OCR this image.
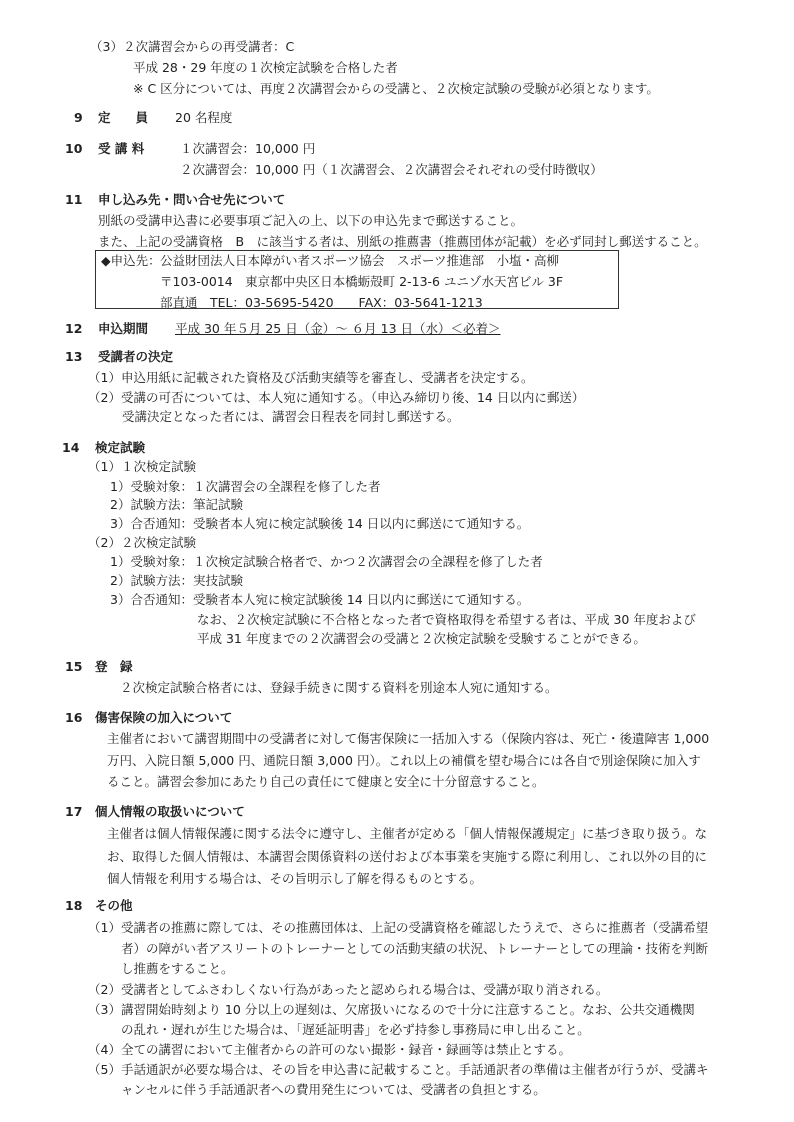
（3）２次講習会からの再受講者：C
平成 28・29 年度の１次検定試験を合格した者
※ C 区分については、再度２次講習会からの受講と、２次検定試験の受験が必須となります。
9 定　　員 20 名程度
10 受 講 料	１次講習会：10,000 円
２次講習会：10,000 円（１次講習会、２次講習会それぞれの受付時徴収）
11 申し込み先・問い合せ先について
別紙の受講申込書に必要事項ご記入の上、以下の申込先まで郵送すること。
また、上記の受講資格　B　に該当する者は、別紙の推薦書（推薦団体が記載）を必ず同封し郵送すること。
◆申込先： 公益財団法人日本障がい者スポーツ協会　スポーツ推進部　小塩・高柳
〒103-0014　東京都中央区日本橋蛎殻町 2-13-6 ユニゾ水天宮ビル 3F
部直通　TEL：03-5695-5420　　FAX：03-5641-1213
12 申込期間 平成 30 年５月 25 日（金）～ ６月 13 日（水）＜必着＞
13 受講者の決定
（1）申込用紙に記載された資格及び活動実績等を審査し、受講者を決定する。
（2）受講の可否については、本人宛に通知する。（申込み締切り後、14 日以内に郵送）
受講決定となった者には、講習会日程表を同封し郵送する。
14 検定試験
（1）１次検定試験
1）受験対象：１次講習会の全課程を修了した者
2）試験方法：筆記試験
3）合否通知：受験者本人宛に検定試験後 14 日以内に郵送にて通知する。
（2）２次検定試験
1）受験対象：１次検定試験合格者で、かつ２次講習会の全課程を修了した者
2）試験方法：実技試験
3）合否通知：受験者本人宛に検定試験後 14 日以内に郵送にて通知する。
なお、２次検定試験に不合格となった者で資格取得を希望する者は、平成 30 年度および
平成 31 年度までの２次講習会の受講と２次検定試験を受験することができる。
15 登　録
２次検定試験合格者には、登録手続きに関する資料を別途本人宛に通知する。
16 傷害保険の加入について
主催者において講習期間中の受講者に対して傷害保険に一括加入する（保険内容は、死亡・後遺障害 1,000
万円、入院日額 5,000 円、通院日額 3,000 円）。これ以上の補償を望む場合には各自で別途保険に加入す
ること。講習会参加にあたり自己の責任にて健康と安全に十分留意すること。
17 個人情報の取扱いについて
主催者は個人情報保護に関する法令に遵守し、主催者が定める「個人情報保護規定」に基づき取り扱う。な
お、取得した個人情報は、本講習会関係資料の送付および本事業を実施する際に利用し、これ以外の目的に
個人情報を利用する場合は、その旨明示し了解を得るものとする。
18 その他
（1）受講者の推薦に際しては、その推薦団体は、上記の受講資格を確認したうえで、さらに推薦者（受講希望
者）の障がい者アスリートのトレーナーとしての活動実績の状況、トレーナーとしての理論・技術を判断
し推薦をすること。
（2）受講者としてふさわしくない行為があったと認められる場合は、受講が取り消される。
（3）講習開始時刻より 10 分以上の遅刻は、欠席扱いになるので十分に注意すること。なお、公共交通機関
の乱れ・遅れが生じた場合は、「遅延証明書」を必ず持参し事務局に申し出ること。
（4）全ての講習において主催者からの許可のない撮影・録音・録画等は禁止とする。
（5）手話通訳が必要な場合は、その旨を申込書に記載すること。手話通訳者の準備は主催者が行うが、受講キ
ャンセルに伴う手話通訳者への費用発生については、受講者の負担とする。
